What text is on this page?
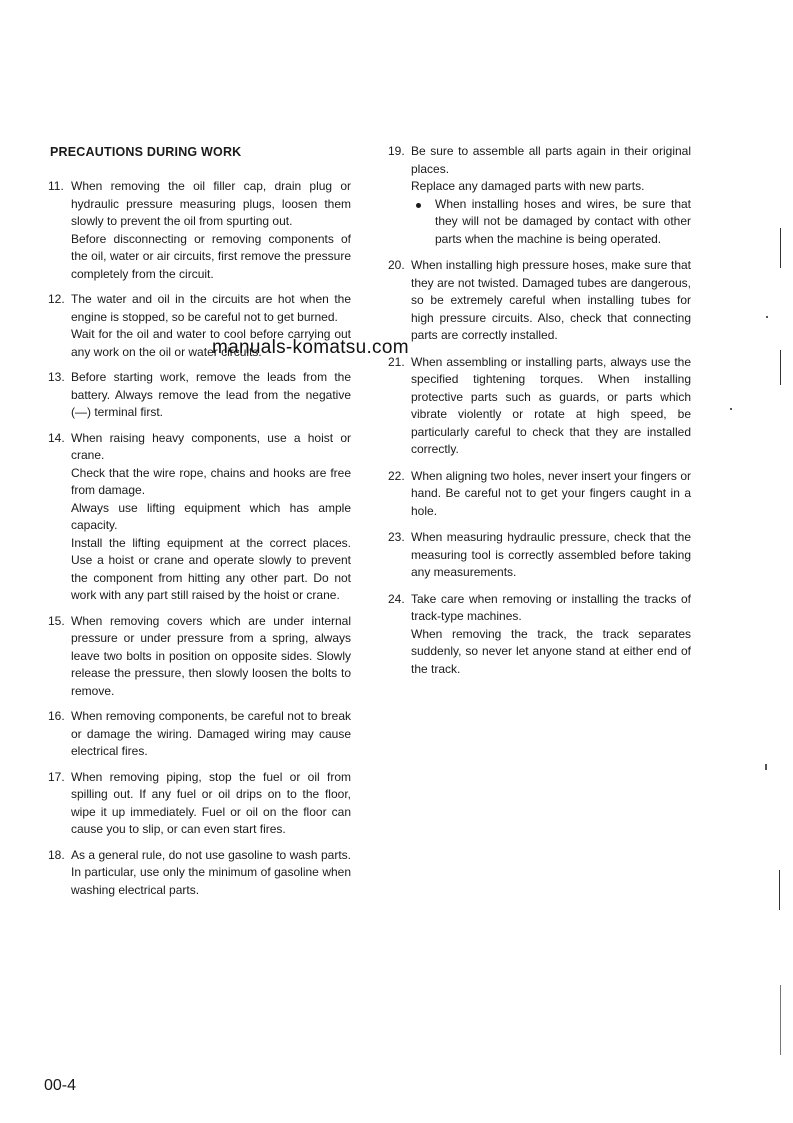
PRECAUTIONS DURING WORK
11. When removing the oil filler cap, drain plug or hydraulic pressure measuring plugs, loosen them slowly to prevent the oil from spurting out.

Before disconnecting or removing components of the oil, water or air circuits, first remove the pressure completely from the circuit.

12. The water and oil in the circuits are hot when the engine is stopped, so be careful not to get burned.

Wait for the oil and water to cool before carrying out any work on the oil or water circuits.

13. Before starting work, remove the leads from the battery. Always remove the lead from the negative (—) terminal first.

14. When raising heavy components, use a hoist or crane.

Check that the wire rope, chains and hooks are free from damage.

Always use lifting equipment which has ample capacity.

Install the lifting equipment at the correct places. Use a hoist or crane and operate slowly to prevent the component from hitting any other part. Do not work with any part still raised by the hoist or crane.

15. When removing covers which are under internal pressure or under pressure from a spring, always leave two bolts in position on opposite sides. Slowly release the pressure, then slowly loosen the bolts to remove.

16. When removing components, be careful not to break or damage the wiring. Damaged wiring may cause electrical fires.

17. When removing piping, stop the fuel or oil from spilling out. If any fuel or oil drips on to the floor, wipe it up immediately. Fuel or oil on the floor can cause you to slip, or can even start fires.

18. As a general rule, do not use gasoline to wash parts. In particular, use only the minimum of gasoline when washing electrical parts.

19. Be sure to assemble all parts again in their original places.

Replace any damaged parts with new parts.

When installing hoses and wires, be sure that they will not be damaged by contact with other parts when the machine is being operated.

20. When installing high pressure hoses, make sure that they are not twisted. Damaged tubes are dangerous, so be extremely careful when installing tubes for high pressure circuits. Also, check that connecting parts are correctly installed.

21. When assembling or installing parts, always use the specified tightening torques. When installing protective parts such as guards, or parts which vibrate violently or rotate at high speed, be particularly careful to check that they are installed correctly.

22. When aligning two holes, never insert your fingers or hand. Be careful not to get your fingers caught in a hole.

23. When measuring hydraulic pressure, check that the measuring tool is correctly assembled before taking any measurements.

24. Take care when removing or installing the tracks of track-type machines.

When removing the track, the track separates suddenly, so never let anyone stand at either end of the track.

manuals-komatsu.com
00-4
